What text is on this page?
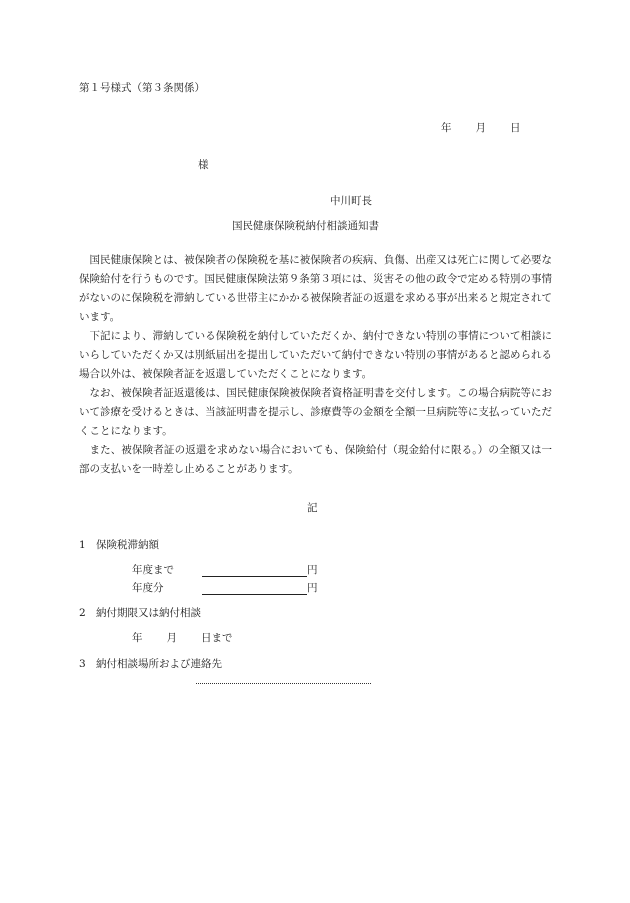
第１号様式（第３条関係）
年 月 日
様
中川町長
国民健康保険税納付相談通知書

国民健康保険とは、被保険者の保険税を基に被保険者の疾病、負傷、出産又は死亡に関して必要な保険給付を行うものです。国民健康保険法第９条第３項には、災害その他の政令で定める特別の事情がないのに保険税を滞納している世帯主にかかる被保険者証の返還を求める事が出来ると規定されています。

下記により、滞納している保険税を納付していただくか、納付できない特別の事情について相談にいらしていただくか又は別紙届出を提出していただいて納付できない特別の事情があると認められる場合以外は、被保険者証を返還していただくことになります。

なお、被保険者証返還後は、国民健康保険被保険者資格証明書を交付します。この場合病院等において診療を受けるときは、当該証明書を提示し、診療費等の金額を全額一旦病院等に支払っていただくことになります。

また、被保険者証の返還を求めない場合においても、保険給付（現金給付に限る。）の全額又は一部の支払いを一時差し止めることがあります。

記
1 保険税滞納額
年度まで	円
年度分	円
2 納付期限又は納付相談
年 月 日まで
3 納付相談場所および連絡先
